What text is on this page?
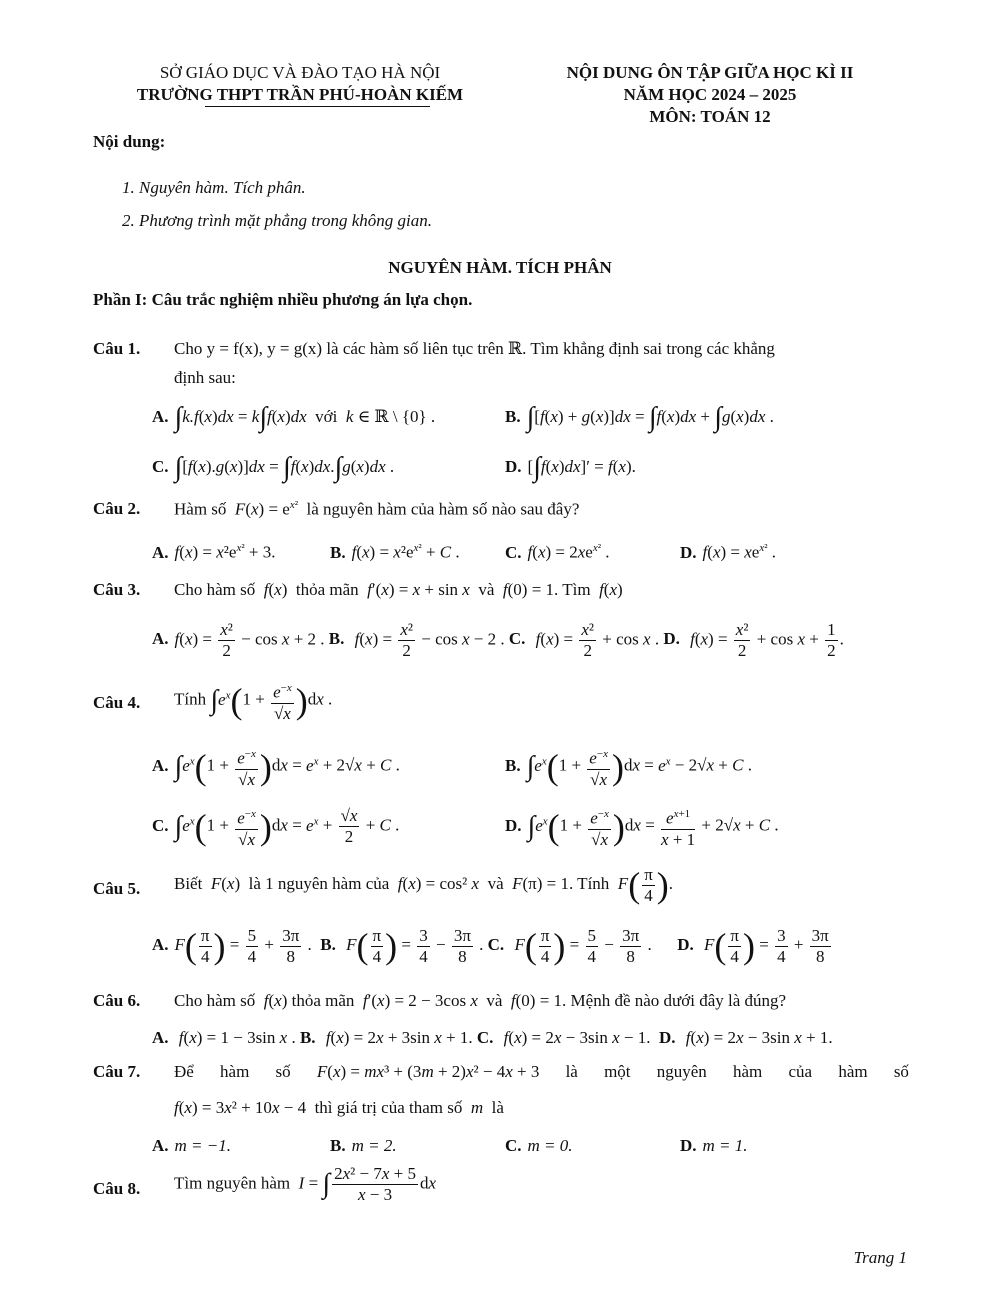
SỞ GIÁO DỤC VÀ ĐÀO TẠO HÀ NỘI
TRƯỜNG THPT TRẦN PHÚ-HOÀN KIẾM
NỘI DUNG ÔN TẬP GIỮA HỌC KÌ II
NĂM HỌC 2024 – 2025
MÔN: TOÁN 12
Nội dung:
1. Nguyên hàm. Tích phân.
2. Phương trình mặt phẳng trong không gian.
NGUYÊN HÀM. TÍCH PHÂN
Phần I: Câu trắc nghiệm nhiều phương án lựa chọn.
Câu 1. Cho y = f(x), y = g(x) là các hàm số liên tục trên ℝ. Tìm khẳng định sai trong các khẳng
định sau:
A. ∫k.f(x)dx = k∫f(x)dx  với  k ∈ ℝ \ {0} .	B. ∫[f(x) + g(x)]dx = ∫f(x)dx + ∫g(x)dx .
C. ∫[f(x).g(x)]dx = ∫f(x)dx.∫g(x)dx .	D. [∫f(x)dx]′ = f(x).
Câu 2. Hàm số  $F(x) = e^{x^2}$  là nguyên hàm của hàm số nào sau đây?
A. $f(x) = x^2e^{x^2} + 3$.	B. $f(x) = x^2e^{x^2} + C$ .	C. $f(x) = 2xe^{x^2}$ .	D. $f(x) = xe^{x^2}$ .
Câu 3. Cho hàm số  f(x)  thỏa mãn  f′(x) = x + sin x  và  f(0) = 1. Tìm  f(x)
A. $f(x) = \frac{\text{x²}}{2} - \cos x + 2$ . B. $f(x) = \frac{\text{x²}}{2} - \cos x - 2$ . C. $f(x) = \frac{\text{x²}}{2} + \cos x$ . D. $f(x) = \frac{\text{x²}}{2} + \cos x + \frac{1}{2}$ .
Câu 4. Tính $\int e^x(1 + \frac{e^{-x}}{√x} )dx$ .
A. $\int e^x(1 + \frac{e^{-x}}{√x} )dx = e^x + 2√x + C$ .	B. $\int e^x(1 + \frac{e^{-x}}{√x} )dx = e^x - 2√x + C$ .
C. $\int e^x(1 + \frac{e^{-x}}{√x} )dx = e^x + \frac{√x}{2} + C$ .	D. $\int e^x(1 + \frac{e^{-x}}{√x} )dx = \frac{e^{x+1}}{x + 1} + 2√x + C$ .
Câu 5. Biết  F(x)  là 1 nguyên hàm của  f(x) = cos² x  và  F(π) = 1. Tính  $F( \frac{\pi}{4}$ ).
A. $F( \frac{\pi}{4}$ ) = $\frac{5}{4} + \frac{3\pi}{8}$ .  B. $F( \frac{\pi}{4}$ ) = $\frac{3}{4} - \frac{3\pi}{8}$ . C. $F( \frac{\pi}{4}$ ) = $\frac{5}{4} - \frac{3\pi}{8}$ .      D. $F( \frac{\pi}{4}$ ) = $\frac{3}{4} + \frac{3\pi}{8}$
Câu 6. Cho hàm số  f(x) thỏa mãn  f′(x) = 2 − 3cos x  và  f(0) = 1. Mệnh đề nào dưới đây là đúng?
A. f(x) = 1 − 3sin x . B. f(x) = 2x + 3sin x + 1. C. f(x) = 2x − 3sin x − 1.  D. f(x) = 2x − 3sin x + 1.
Câu 7. Để hàm số F(x) = mx³ + (3m + 2)x² − 4x + 3 là một nguyên hàm của hàm số
f(x) = 3x² + 10x − 4  thì giá trị của tham số  m  là
A. m = −1.	B. m = 2.	C. m = 0.	D. m = 1.
Câu 8. Tìm nguyên hàm I = ∫ $\frac{\text{2x² − 7x + 5}}{x - 3}$ dx
Trang 1
